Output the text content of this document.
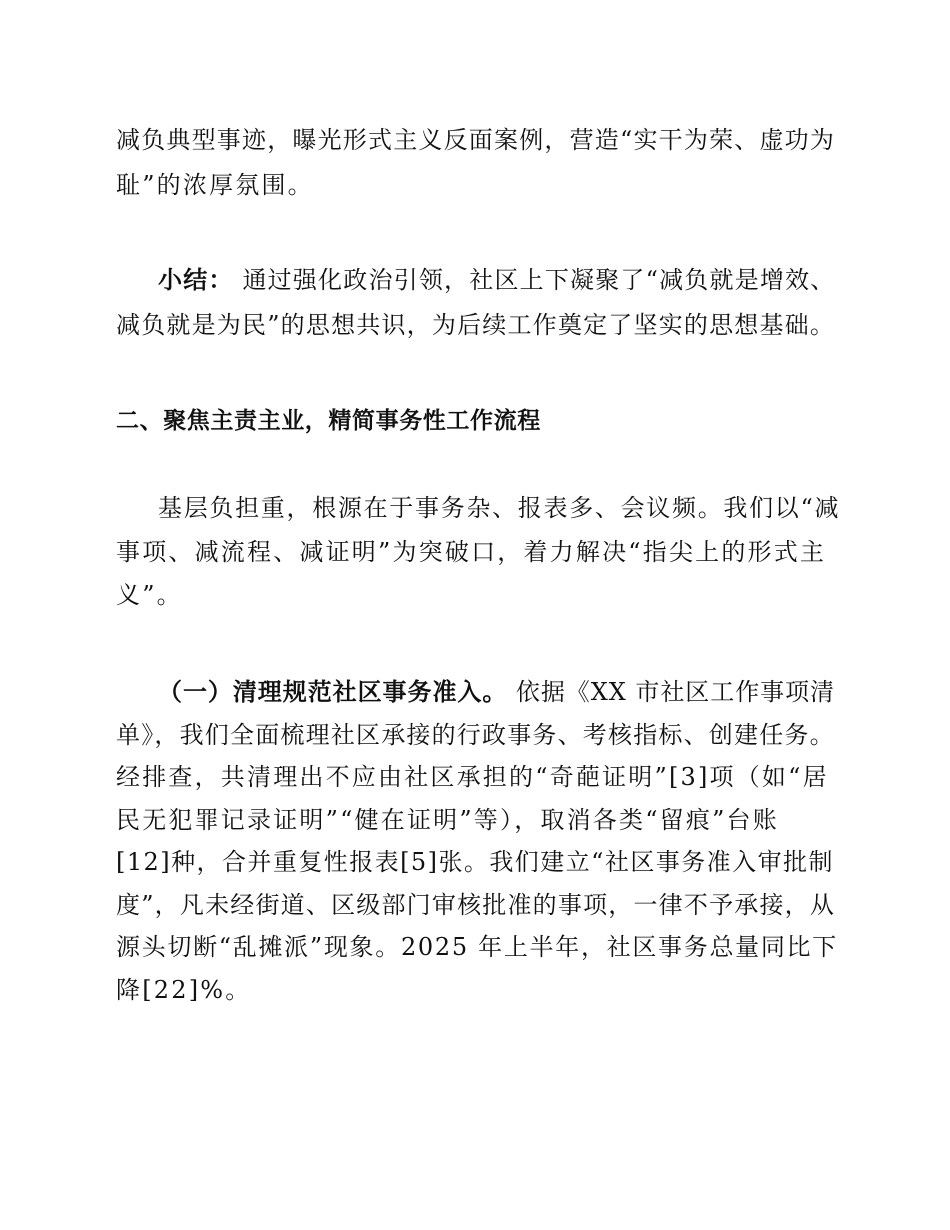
减负典型事迹，曝光形式主义反面案例，营造“实干为荣、虚功为
耻”的浓厚氛围。
小结： 通过强化政治引领，社区上下凝聚了“减负就是增效、
减负就是为民”的思想共识，为后续工作奠定了坚实的思想基础。
二、聚焦主责主业，精简事务性工作流程
基层负担重，根源在于事务杂、报表多、会议频。我们以“减
事项、减流程、减证明”为突破口，着力解决“指尖上的形式主
义”。
（一）清理规范社区事务准入。 依据《XX 市社区工作事项清
单》，我们全面梳理社区承接的行政事务、考核指标、创建任务。
经排查，共清理出不应由社区承担的“奇葩证明”[3]项（如“居
民无犯罪记录证明”“健在证明”等），取消各类“留痕”台账
[12]种，合并重复性报表[5]张。我们建立“社区事务准入审批制
度”，凡未经街道、区级部门审核批准的事项，一律不予承接，从
源头切断“乱摊派”现象。2025 年上半年，社区事务总量同比下
降[22]%。
